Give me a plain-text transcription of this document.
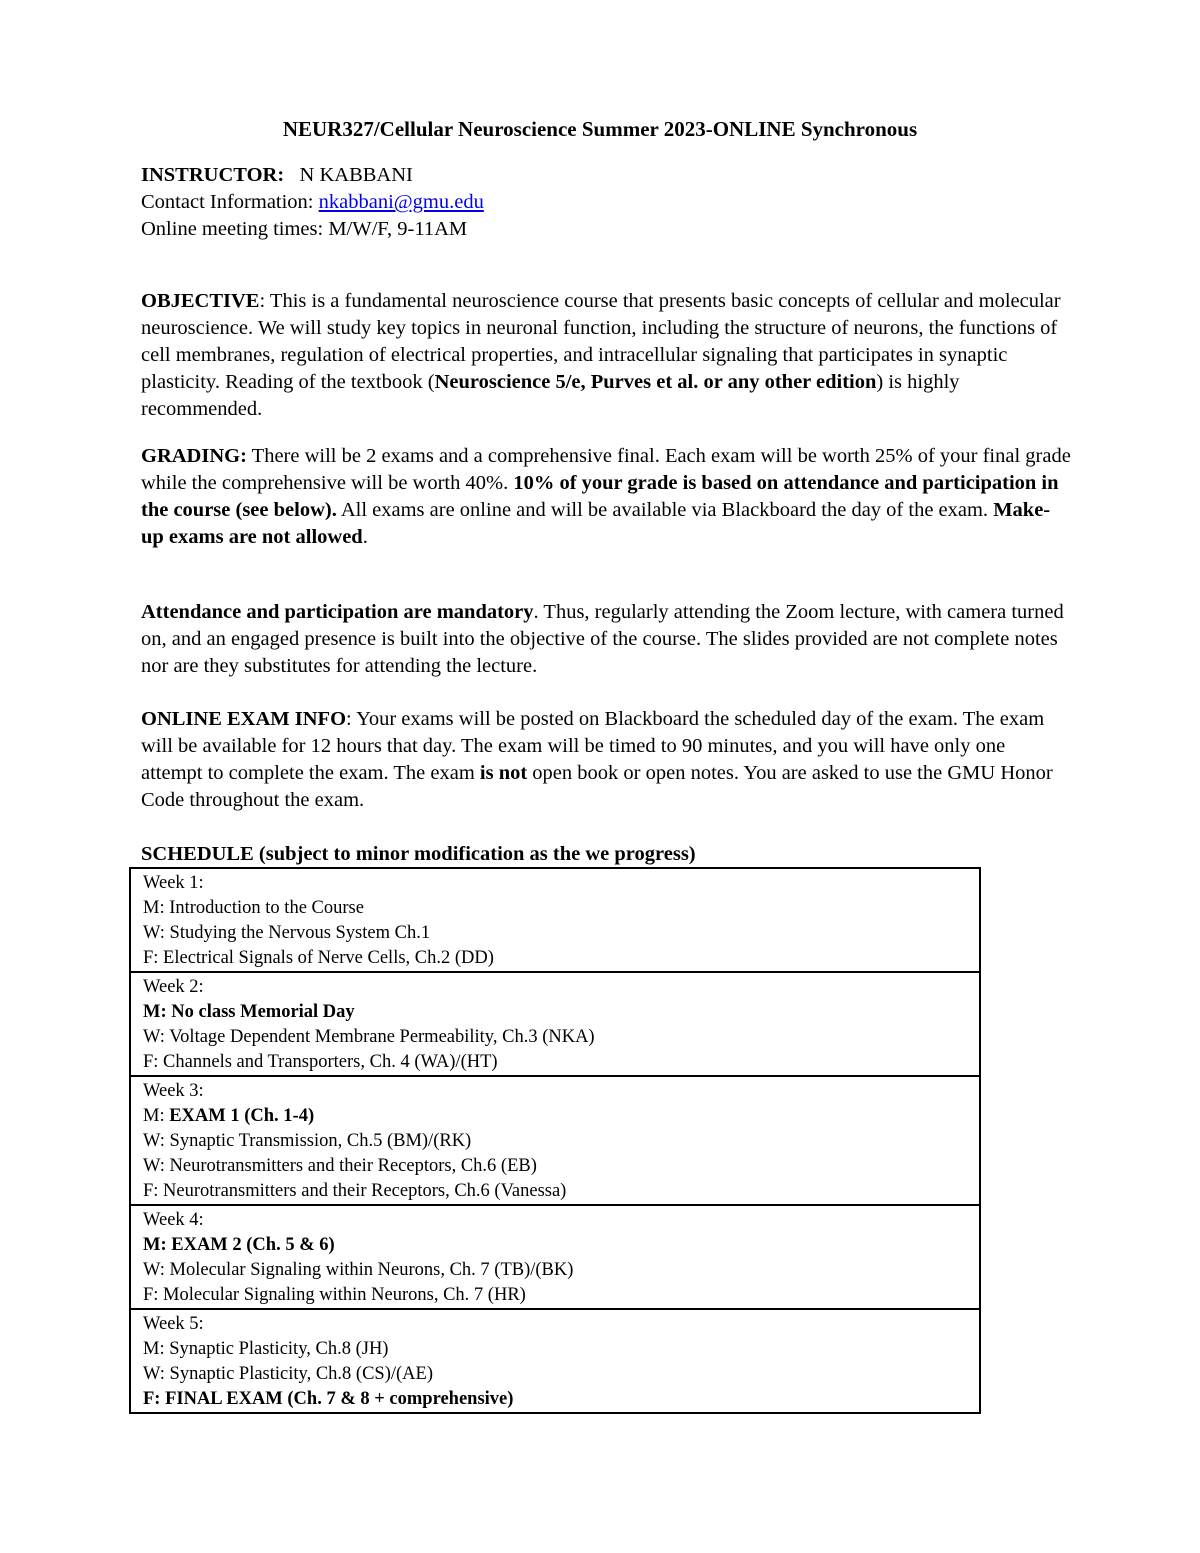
NEUR327/Cellular Neuroscience Summer 2023-ONLINE Synchronous
INSTRUCTOR: N KABBANI
Contact Information: nkabbani@gmu.edu
Online meeting times: M/W/F, 9-11AM
OBJECTIVE: This is a fundamental neuroscience course that presents basic concepts of cellular and molecular neuroscience. We will study key topics in neuronal function, including the structure of neurons, the functions of cell membranes, regulation of electrical properties, and intracellular signaling that participates in synaptic plasticity. Reading of the textbook (Neuroscience 5/e, Purves et al. or any other edition) is highly recommended.
GRADING: There will be 2 exams and a comprehensive final. Each exam will be worth 25% of your final grade while the comprehensive will be worth 40%. 10% of your grade is based on attendance and participation in the course (see below). All exams are online and will be available via Blackboard the day of the exam. Make-up exams are not allowed.
Attendance and participation are mandatory. Thus, regularly attending the Zoom lecture, with camera turned on, and an engaged presence is built into the objective of the course. The slides provided are not complete notes nor are they substitutes for attending the lecture.
ONLINE EXAM INFO: Your exams will be posted on Blackboard the scheduled day of the exam. The exam will be available for 12 hours that day. The exam will be timed to 90 minutes, and you will have only one attempt to complete the exam. The exam is not open book or open notes. You are asked to use the GMU Honor Code throughout the exam.
SCHEDULE (subject to minor modification as the we progress)
Week 1:
M: Introduction to the Course
W: Studying the Nervous System Ch.1
F: Electrical Signals of Nerve Cells, Ch.2 (DD)
Week 2:
M: No class Memorial Day
W: Voltage Dependent Membrane Permeability, Ch.3 (NKA)
F: Channels and Transporters, Ch. 4 (WA)/(HT)
Week 3:
M: EXAM 1 (Ch. 1-4)
W: Synaptic Transmission, Ch.5 (BM)/(RK)
W: Neurotransmitters and their Receptors, Ch.6 (EB)
F: Neurotransmitters and their Receptors, Ch.6 (Vanessa)
Week 4:
M: EXAM 2 (Ch. 5 & 6)
W: Molecular Signaling within Neurons, Ch. 7 (TB)/(BK)
F: Molecular Signaling within Neurons, Ch. 7 (HR)
Week 5:
M: Synaptic Plasticity, Ch.8 (JH)
W: Synaptic Plasticity, Ch.8 (CS)/(AE)
F: FINAL EXAM (Ch. 7 & 8 + comprehensive)
